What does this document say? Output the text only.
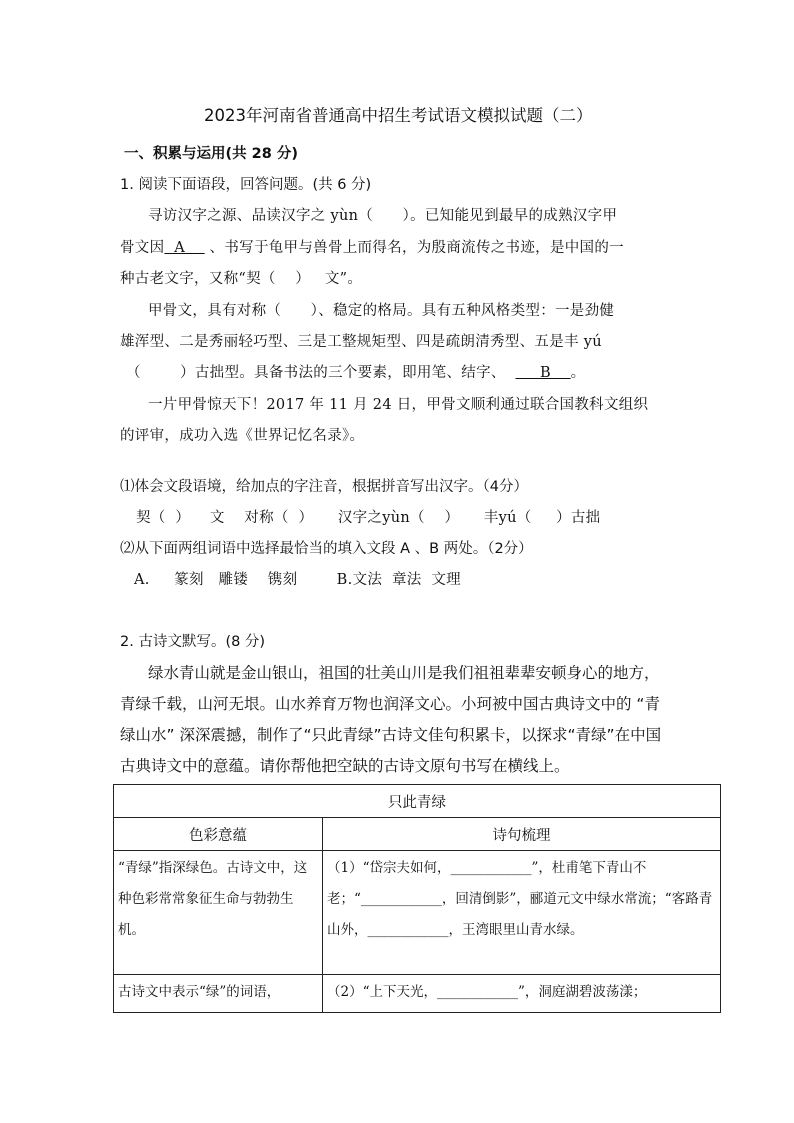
2023年河南省普通高中招生考试语文模拟试题（二）
一、积累与运用(共 28 分)
1. 阅读下面语段，回答问题。(共 6 分)
寻访汉字之源、品读汉字之 yùn（      ）。已知能见到最早的成熟汉字甲
骨文因  A     、书写于龟甲与兽骨上而得名，为殷商流传之书迹，是中国的一
种古老文字，又称“契（    ）   文”。
甲骨文，具有对称（      ）、稳定的格局。具有五种风格类型：一是劲健
雄浑型、二是秀丽轻巧型、三是工整规矩型、四是疏朗清秀型、五是丰 yú
（        ）古拙型。具备书法的三个要素，即用笔、结字、       B    。
一片甲骨惊天下！2017 年 11 月 24 日，甲骨文顺利通过联合国教科文组织
的评审，成功入选《世界记忆名录》。
⑴体会文段语境，给加点的字注音，根据拼音写出汉字。（4分）
契（  ）    文    对称（  ）     汉字之yùn（    ）     丰yú（     ）古拙
⑵从下面两组词语中选择最恰当的填入文段 A 、B 两处。（2分）
A.     篆刻   雕镂    镌刻        B.文法  章法  文理
2. 古诗文默写。(8 分)
绿水青山就是金山银山，祖国的壮美山川是我们祖祖辈辈安顿身心的地方，
青绿千载，山河无垠。山水养育万物也润泽文心。小珂被中国古典诗文中的 “青
绿山水” 深深震撼，制作了“只此青绿”古诗文佳句积累卡，以探求“青绿”在中国
古典诗文中的意蕴。请你帮他把空缺的古诗文原句书写在横线上。
只此青绿	
色彩意蕴	诗句梳理
“青绿”指深绿色。古诗文中，这种色彩常常象征生命与勃勃生机。	（1）“岱宗夫如何，____________”，杜甫笔下青山不老；“____________，回清倒影”，郦道元文中绿水常流；“客路青山外，____________，王湾眼里山青水绿。
古诗文中表示“绿”的词语，	（2）“上下天光，____________”，洞庭湖碧波荡漾；
